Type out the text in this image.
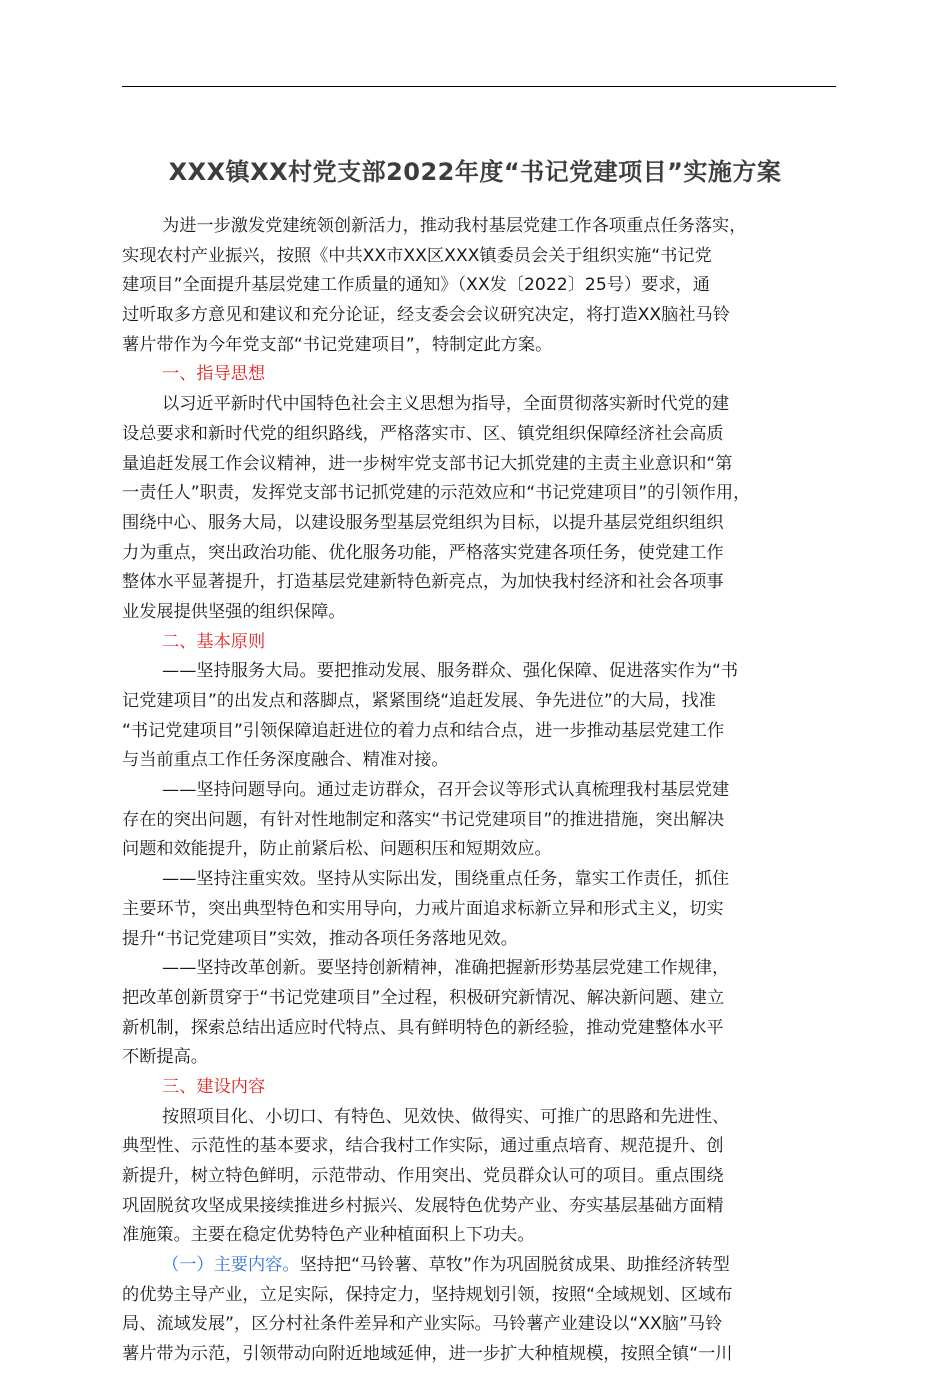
XXX镇XX村党支部2022年度“书记党建项目”实施方案
为进一步激发党建统领创新活力，推动我村基层党建工作各项重点任务落实，
实现农村产业振兴，按照《中共XX市XX区XXX镇委员会关于组织实施“书记党
建项目”全面提升基层党建工作质量的通知》（XX发〔2022〕25号）要求，通
过听取多方意见和建议和充分论证，经支委会会议研究决定，将打造XX脑社马铃
薯片带作为今年党支部“书记党建项目”，特制定此方案。
一、指导思想
以习近平新时代中国特色社会主义思想为指导，全面贯彻落实新时代党的建
设总要求和新时代党的组织路线，严格落实市、区、镇党组织保障经济社会高质
量追赶发展工作会议精神，进一步树牢党支部书记大抓党建的主责主业意识和“第
一责任人”职责，发挥党支部书记抓党建的示范效应和“书记党建项目”的引领作用，
围绕中心、服务大局，以建设服务型基层党组织为目标，以提升基层党组织组织
力为重点，突出政治功能、优化服务功能，严格落实党建各项任务，使党建工作
整体水平显著提升，打造基层党建新特色新亮点，为加快我村经济和社会各项事
业发展提供坚强的组织保障。
二、基本原则
——坚持服务大局。要把推动发展、服务群众、强化保障、促进落实作为“书
记党建项目”的出发点和落脚点，紧紧围绕“追赶发展、争先进位”的大局，找准
“书记党建项目”引领保障追赶进位的着力点和结合点，进一步推动基层党建工作
与当前重点工作任务深度融合、精准对接。
——坚持问题导向。通过走访群众，召开会议等形式认真梳理我村基层党建
存在的突出问题，有针对性地制定和落实“书记党建项目”的推进措施，突出解决
问题和效能提升，防止前紧后松、问题积压和短期效应。
——坚持注重实效。坚持从实际出发，围绕重点任务，靠实工作责任，抓住
主要环节，突出典型特色和实用导向，力戒片面追求标新立异和形式主义，切实
提升“书记党建项目”实效，推动各项任务落地见效。
——坚持改革创新。要坚持创新精神，准确把握新形势基层党建工作规律，
把改革创新贯穿于“书记党建项目”全过程，积极研究新情况、解决新问题、建立
新机制，探索总结出适应时代特点、具有鲜明特色的新经验，推动党建整体水平
不断提高。
三、建设内容
按照项目化、小切口、有特色、见效快、做得实、可推广的思路和先进性、
典型性、示范性的基本要求，结合我村工作实际，通过重点培育、规范提升、创
新提升，树立特色鲜明，示范带动、作用突出、党员群众认可的项目。重点围绕
巩固脱贫攻坚成果接续推进乡村振兴、发展特色优势产业、夯实基层基础方面精
准施策。主要在稳定优势特色产业种植面积上下功夫。
（一）主要内容。坚持把“马铃薯、草牧”作为巩固脱贫成果、助推经济转型
的优势主导产业，立足实际，保持定力，坚持规划引领，按照“全域规划、区域布
局、流域发展”，区分村社条件差异和产业实际。马铃薯产业建设以“XX脑”马铃
薯片带为示范，引领带动向附近地域延伸，进一步扩大种植规模，按照全镇“一川
